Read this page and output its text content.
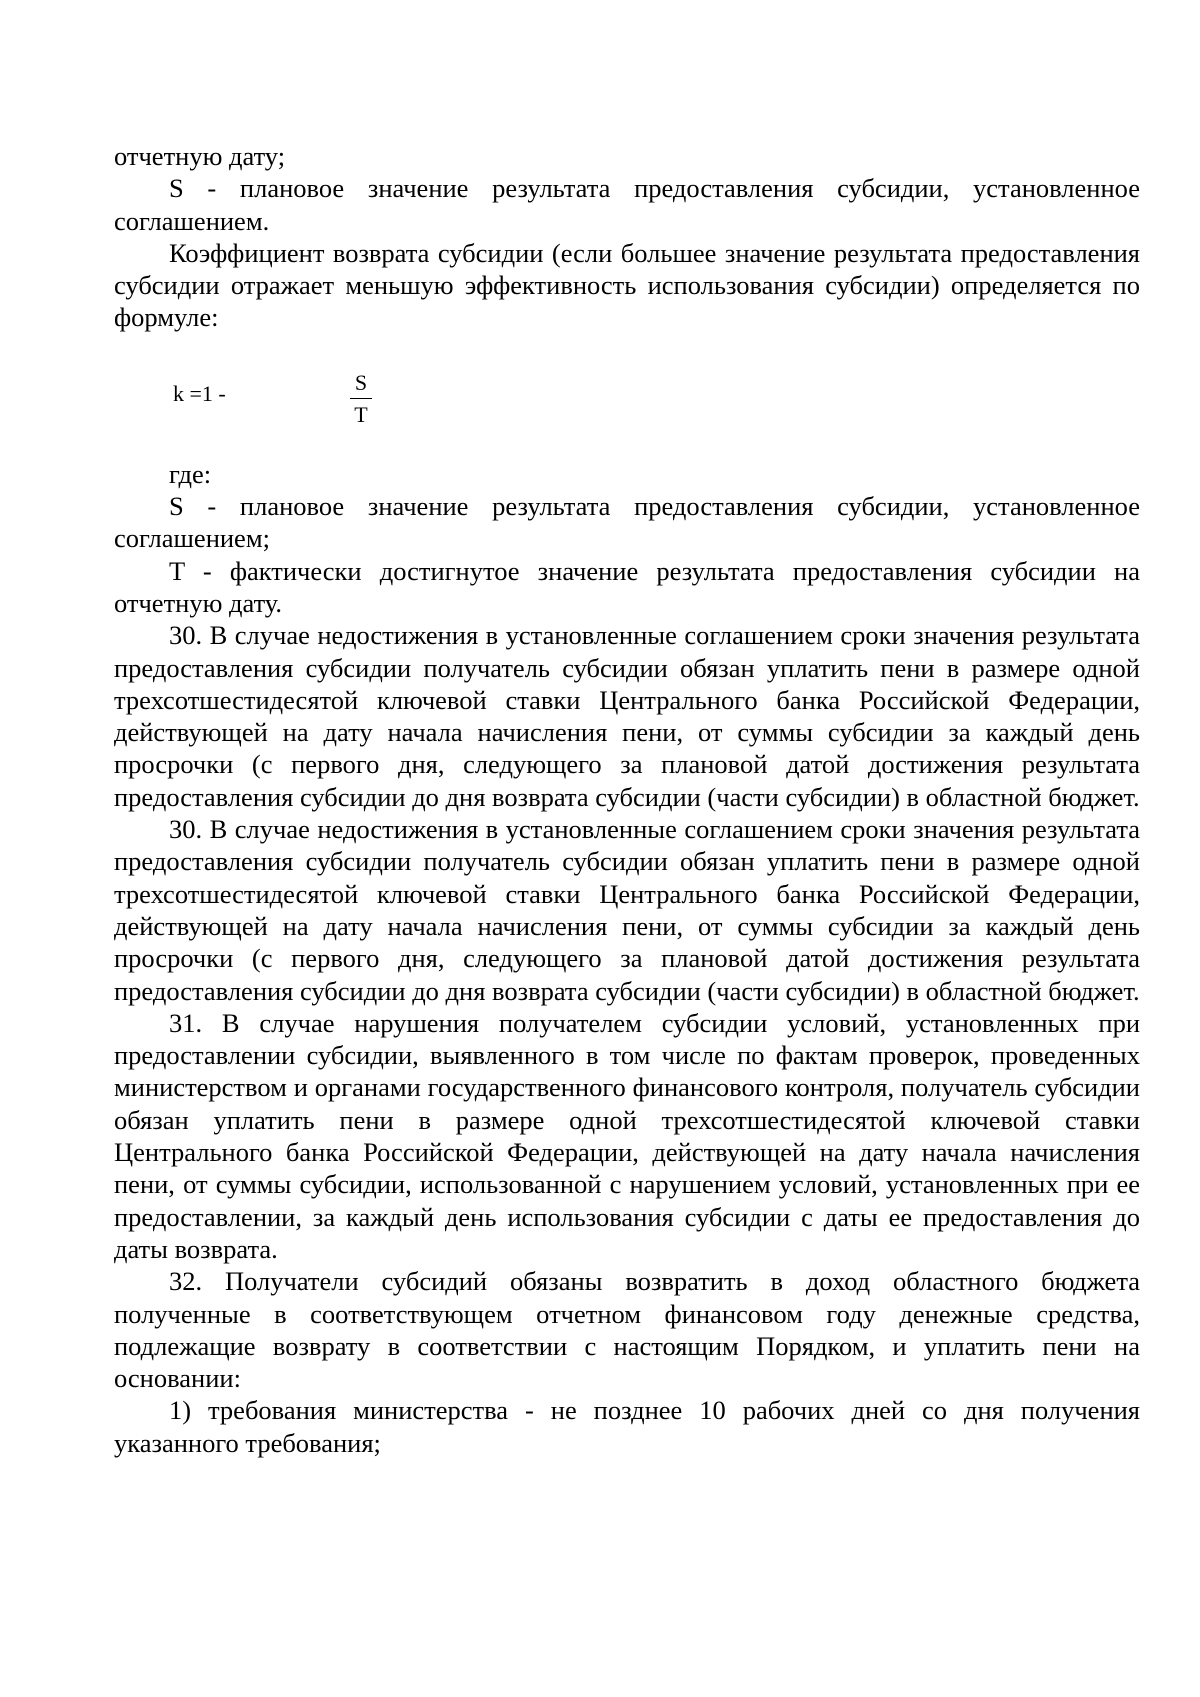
отчетную дату;

S - плановое значение результата предоставления субсидии, установленное соглашением.

Коэффициент возврата субсидии (если большее значение результата предоставления субсидии отражает меньшую эффективность использования субсидии) определяется по формуле:

k =1 -	S
T

где:

S - плановое значение результата предоставления субсидии, установленное соглашением;

T - фактически достигнутое значение результата предоставления субсидии на отчетную дату.

30. В случае недостижения в установленные соглашением сроки значения результата предоставления субсидии получатель субсидии обязан уплатить пени в размере одной трехсотшестидесятой ключевой ставки Центрального банка Российской Федерации, действующей на дату начала начисления пени, от суммы субсидии за каждый день просрочки (с первого дня, следующего за плановой датой достижения результата предоставления субсидии до дня возврата субсидии (части субсидии) в областной бюджет.

30. В случае недостижения в установленные соглашением сроки значения результата предоставления субсидии получатель субсидии обязан уплатить пени в размере одной трехсотшестидесятой ключевой ставки Центрального банка Российской Федерации, действующей на дату начала начисления пени, от суммы субсидии за каждый день просрочки (с первого дня, следующего за плановой датой достижения результата предоставления субсидии до дня возврата субсидии (части субсидии) в областной бюджет.

31. В случае нарушения получателем субсидии условий, установленных при предоставлении субсидии, выявленного в том числе по фактам проверок, проведенных министерством и органами государственного финансового контроля, получатель субсидии обязан уплатить пени в размере одной трехсотшестидесятой ключевой ставки Центрального банка Российской Федерации, действующей на дату начала начисления пени, от суммы субсидии, использованной с нарушением условий, установленных при ее предоставлении, за каждый день использования субсидии с даты ее предоставления до даты возврата.

32. Получатели субсидий обязаны возвратить в доход областного бюджета полученные в соответствующем отчетном финансовом году денежные средства, подлежащие возврату в соответствии с настоящим Порядком, и уплатить пени на основании:

1) требования министерства - не позднее 10 рабочих дней со дня получения указанного требования;
